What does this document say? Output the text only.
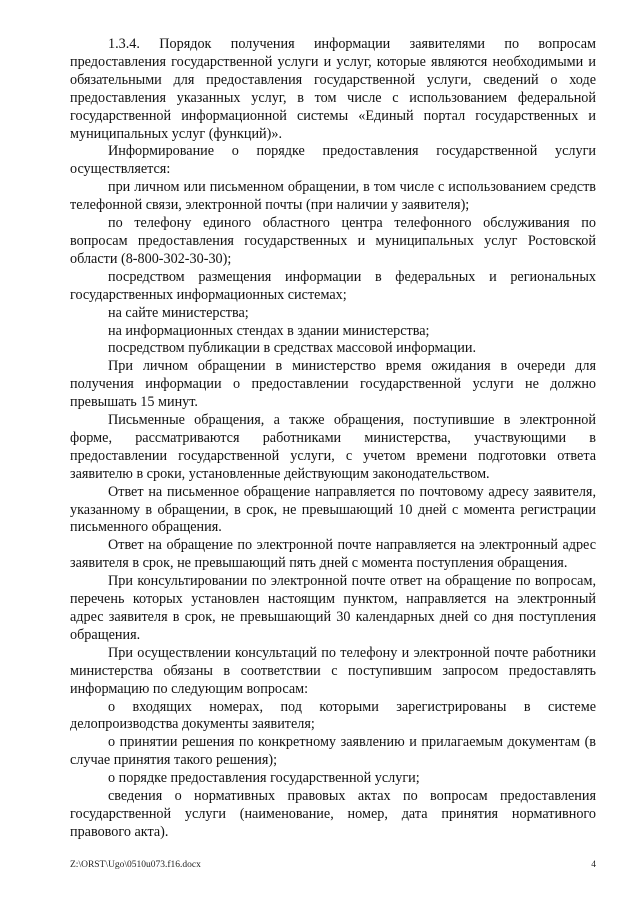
1.3.4. Порядок получения информации заявителями по вопросам предоставления государственной услуги и услуг, которые являются необходимыми и обязательными для предоставления государственной услуги, сведений о ходе предоставления указанных услуг, в том числе с использованием федеральной государственной информационной системы «Единый портал государственных и муниципальных услуг (функций)».

Информирование о порядке предоставления государственной услуги осуществляется:

при личном или письменном обращении, в том числе с использованием средств телефонной связи, электронной почты (при наличии у заявителя);

по телефону единого областного центра телефонного обслуживания по вопросам предоставления государственных и муниципальных услуг Ростовской области (8-800-302-30-30);

посредством размещения информации в федеральных и региональных государственных информационных системах;

на сайте министерства;

на информационных стендах в здании министерства;

посредством публикации в средствах массовой информации.

При личном обращении в министерство время ожидания в очереди для получения информации о предоставлении государственной услуги не должно превышать 15 минут.

Письменные обращения, а также обращения, поступившие в электронной форме, рассматриваются работниками министерства, участвующими в предоставлении государственной услуги, с учетом времени подготовки ответа заявителю в сроки, установленные действующим законодательством.

Ответ на письменное обращение направляется по почтовому адресу заявителя, указанному в обращении, в срок, не превышающий 10 дней с момента регистрации письменного обращения.

Ответ на обращение по электронной почте направляется на электронный адрес заявителя в срок, не превышающий пять дней с момента поступления обращения.

При консультировании по электронной почте ответ на обращение по вопросам, перечень которых установлен настоящим пунктом, направляется на электронный адрес заявителя в срок, не превышающий 30 календарных дней со дня поступления обращения.

При осуществлении консультаций по телефону и электронной почте работники министерства обязаны в соответствии с поступившим запросом предоставлять информацию по следующим вопросам:

о входящих номерах, под которыми зарегистрированы в системе делопроизводства документы заявителя;

о принятии решения по конкретному заявлению и прилагаемым документам (в случае принятия такого решения);

о порядке предоставления государственной услуги;

сведения о нормативных правовых актах по вопросам предоставления государственной услуги (наименование, номер, дата принятия нормативного правового акта).

Z:\ORST\Ugo\0510u073.f16.docx	4
